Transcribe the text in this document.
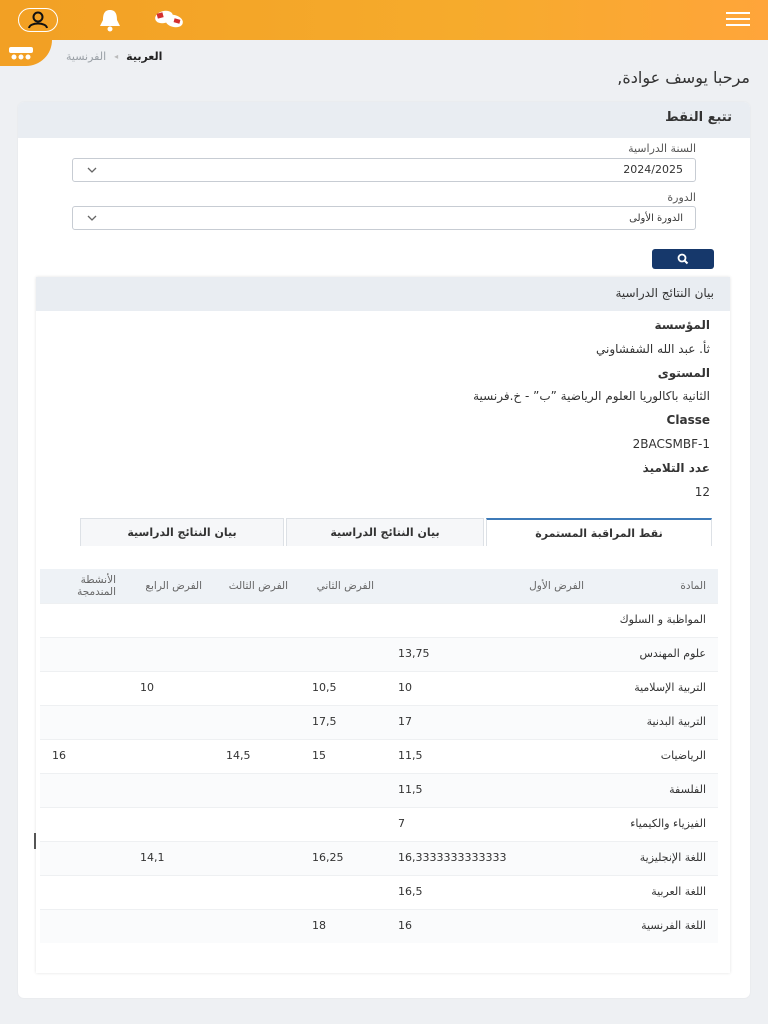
العربية
◂
الفرنسية
مرحبا يوسف عوادة,
تتبع النقط
السنة الدراسية
2024/2025
الدورة
الدورة الأولى
بيان النتائج الدراسية
المؤسسة
ثأ. عبد الله الشفشاوني
المستوى
الثانية باكالوريا العلوم الرياضية ”ب” - خ.فرنسية
Classe
2BACSMBF-1
عدد التلاميذ
12
نقط المراقبة المستمرة
بيان النتائج الدراسية
بيان النتائج الدراسية
المادة	الفرض الأول	الفرض الثاني	الفرض الثالث	الفرض الرابع	الأنشطة المندمجة
المواظبة و السلوك					
علوم المهندس	13,75				
التربية الإسلامية	10	10,5		10	
التربية البدنية	17	17,5			
الرياضيات	11,5	15	14,5		16
الفلسفة	11,5				
الفيزياء والكيمياء	7				
اللغة الإنجليزية	16,3333333333333	16,25		14,1	
اللغة العربية	16,5				
اللغة الفرنسية	16	18			
